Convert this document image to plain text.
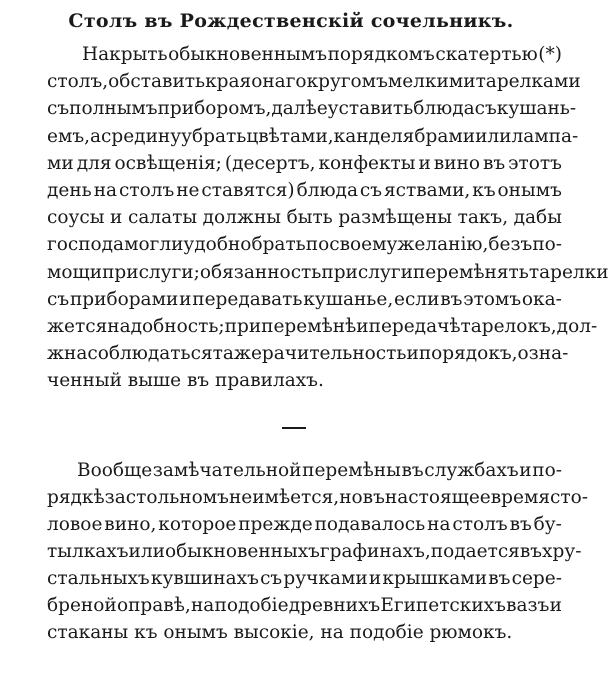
Столъ въ Рождественскій сочельникъ.
Накрыть обыкновеннымъ порядкомъ скатертью (*)
столъ, обставить края онаго кругомъ мелкими тарелками
съ полнымъ приборомъ, далѣе уставить блюда съ кушань-
емъ, а средину убрать цвѣтами, канделябрами или лампа-
ми для освѣщенія; (десертъ, конфекты и вино въ этотъ
день на столъ не ставятся) блюда съ яствами, къ онымъ
соусы и салаты должны быть размѣщены такъ, дабы
господа могли удобно брать по своему желанію, безъ по-
мощи прислуги; обязанность прислуги перемѣнять тарелки
съ приборами и передавать кушанье, если въ этомъ ока-
жется надобность; при перемѣнѣ и передачѣ тарелокъ, дол-
жна соблюдаться та же рачительность и порядокъ, озна-
ченный выше въ правилахъ.
Вообще замѣчательной перемѣны въ службахъ и по-
рядкѣ застольномъ не имѣется, но въ настоящее время сто-
ловое вино, которое прежде подавалось на столъ въ бу-
тылкахъ или обыкновенныхъ графинахъ, подается въ хру-
стальныхъ кувшинахъ съ ручками и крышками въ сере-
бреной оправѣ, на подобіе древнихъ Египетскихъ вазъ и
стаканы къ онымъ высокіе, на подобіе рюмокъ.
